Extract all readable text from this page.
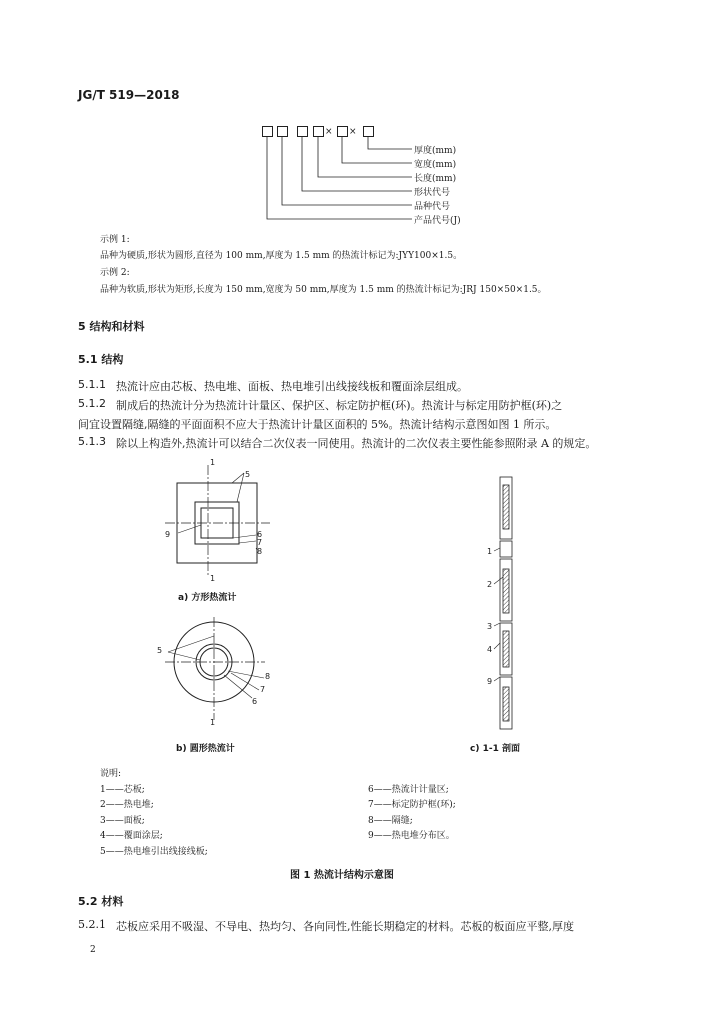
JG/T 519—2018
× ×
厚度(mm)
宽度(mm)
长度(mm)
形状代号
品种代号
产品代号(J)
示例 1:
品种为硬质,形状为圆形,直径为 100 mm,厚度为 1.5 mm 的热流计标记为:JYY100×1.5。
示例 2:
品种为软质,形状为矩形,长度为 150 mm,宽度为 50 mm,厚度为 1.5 mm 的热流计标记为:JRJ 150×50×1.5。
5 结构和材料
5.1 结构
5.1.1 热流计应由芯板、热电堆、面板、热电堆引出线接线板和覆面涂层组成。
5.1.2 制成后的热流计分为热流计计量区、保护区、标定防护框(环)。热流计与标定用防护框(环)之
间宜设置隔缝,隔缝的平面面积不应大于热流计计量区面积的 5%。热流计结构示意图如图 1 所示。
5.1.3 除以上构造外,热流计可以结合二次仪表一同使用。热流计的二次仪表主要性能参照附录 A 的规定。
1
1
5
9	6
7
8
5
8
7
6
1
1
2
3
4
9
a) 方形热流计
b) 圆形热流计	c) 1-1 剖面
说明:
1——芯板;
2——热电堆;
3——面板;
4——覆面涂层;
5——热电堆引出线接线板;
6——热流计计量区;
7——标定防护框(环);
8——隔缝;
9——热电堆分布区。
图 1 热流计结构示意图
5.2 材料
5.2.1 芯板应采用不吸湿、不导电、热均匀、各向同性,性能长期稳定的材料。芯板的板面应平整,厚度
2
